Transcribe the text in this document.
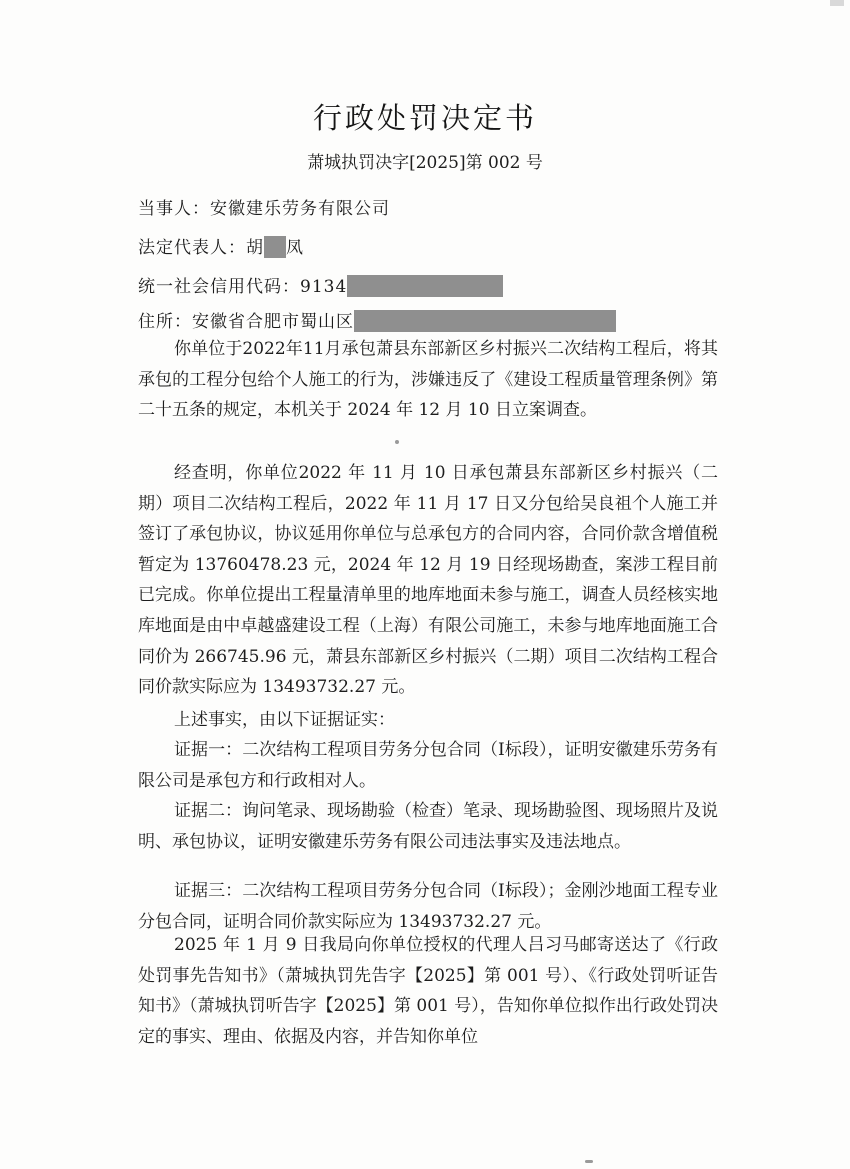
行政处罚决定书
萧城执罚决字[2025]第 002 号
当事人：安徽建乐劳务有限公司
法定代表人：胡 凤
统一社会信用代码：9134
住所：安徽省合肥市蜀山区
你单位于2022年11月承包萧县东部新区乡村振兴二次结构工程后，将其承包的工程分包给个人施工的行为，涉嫌违反了《建设工程质量管理条例》第二十五条的规定，本机关于 2024 年 12 月 10 日立案调查。
经查明，你单位2022 年 11 月 10 日承包萧县东部新区乡村振兴（二期）项目二次结构工程后，2022 年 11 月 17 日又分包给吴良祖个人施工并签订了承包协议，协议延用你单位与总承包方的合同内容，合同价款含增值税暂定为 13760478.23 元，2024 年 12 月 19 日经现场勘查，案涉工程目前已完成。你单位提出工程量清单里的地库地面未参与施工，调查人员经核实地库地面是由中卓越盛建设工程（上海）有限公司施工，未参与地库地面施工合同价为 266745.96 元，萧县东部新区乡村振兴（二期）项目二次结构工程合同价款实际应为 13493732.27 元。
上述事实，由以下证据证实：
证据一：二次结构工程项目劳务分包合同（Ⅰ标段），证明安徽建乐劳务有限公司是承包方和行政相对人。
证据二：询问笔录、现场勘验（检查）笔录、现场勘验图、现场照片及说明、承包协议，证明安徽建乐劳务有限公司违法事实及违法地点。
证据三：二次结构工程项目劳务分包合同（Ⅰ标段）；金刚沙地面工程专业分包合同，证明合同价款实际应为 13493732.27 元。
2025 年 1 月 9 日我局向你单位授权的代理人吕习马邮寄送达了《行政处罚事先告知书》（萧城执罚先告字【2025】第 001 号）、《行政处罚听证告知书》（萧城执罚听告字【2025】第 001 号），告知你单位拟作出行政处罚决定的事实、理由、依据及内容，并告知你单位
